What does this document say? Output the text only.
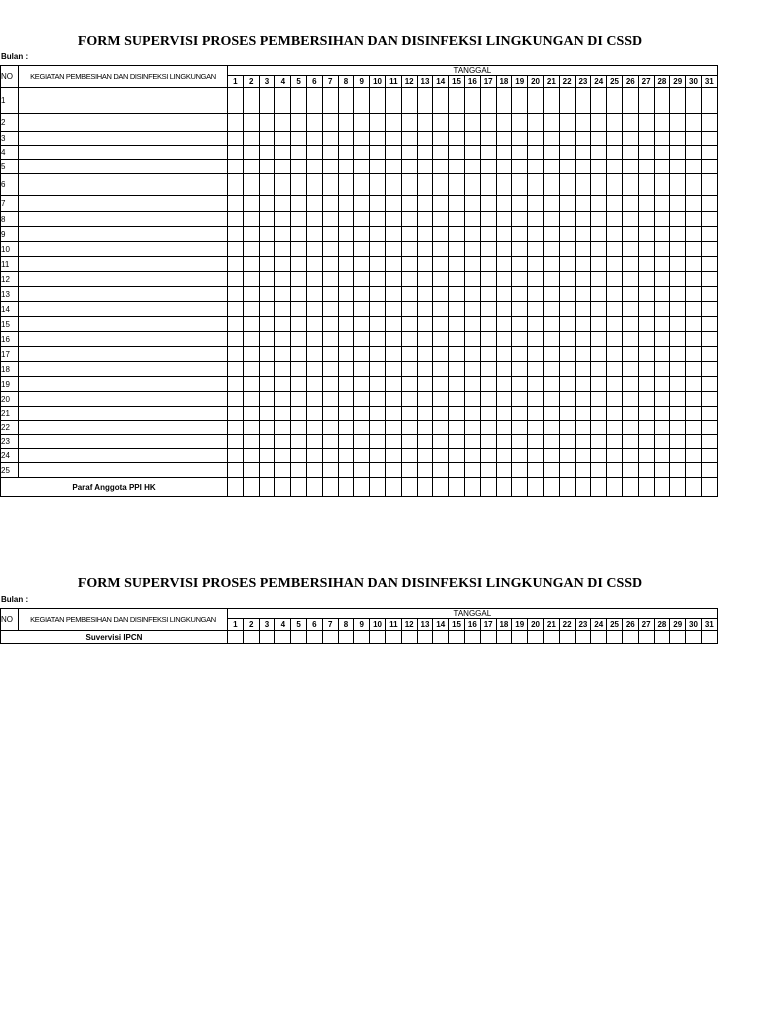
FORM SUPERVISI PROSES PEMBERSIHAN DAN DISINFEKSI LINGKUNGAN DI CSSD
Bulan :
NO	KEGIATAN PEMBESIHAN DAN DISINFEKSI LINGKUNGAN	TANGGAL																														
		1	2	3	4	5	6	7	8	9	10	11	12	13	14	15	16	17	18	19	20	21	22	23	24	25	26	27	28	29	30	31
1																																
2																																
3																																
4																																
5																																
6																																
7																																
8																																
9																																
10																																
11																																
12																																
13																																
14																																
15																																
16																																
17																																
18																																
19																																
20																																
21																																
22																																
23																																
24																																
25																																
Paraf Anggota PPI HK																																
FORM SUPERVISI PROSES PEMBERSIHAN DAN DISINFEKSI LINGKUNGAN DI CSSD
Bulan :
NO	KEGIATAN PEMBESIHAN DAN DISINFEKSI LINGKUNGAN	TANGGAL																														
		1	2	3	4	5	6	7	8	9	10	11	12	13	14	15	16	17	18	19	20	21	22	23	24	25	26	27	28	29	30	31
Suvervisi IPCN																																
